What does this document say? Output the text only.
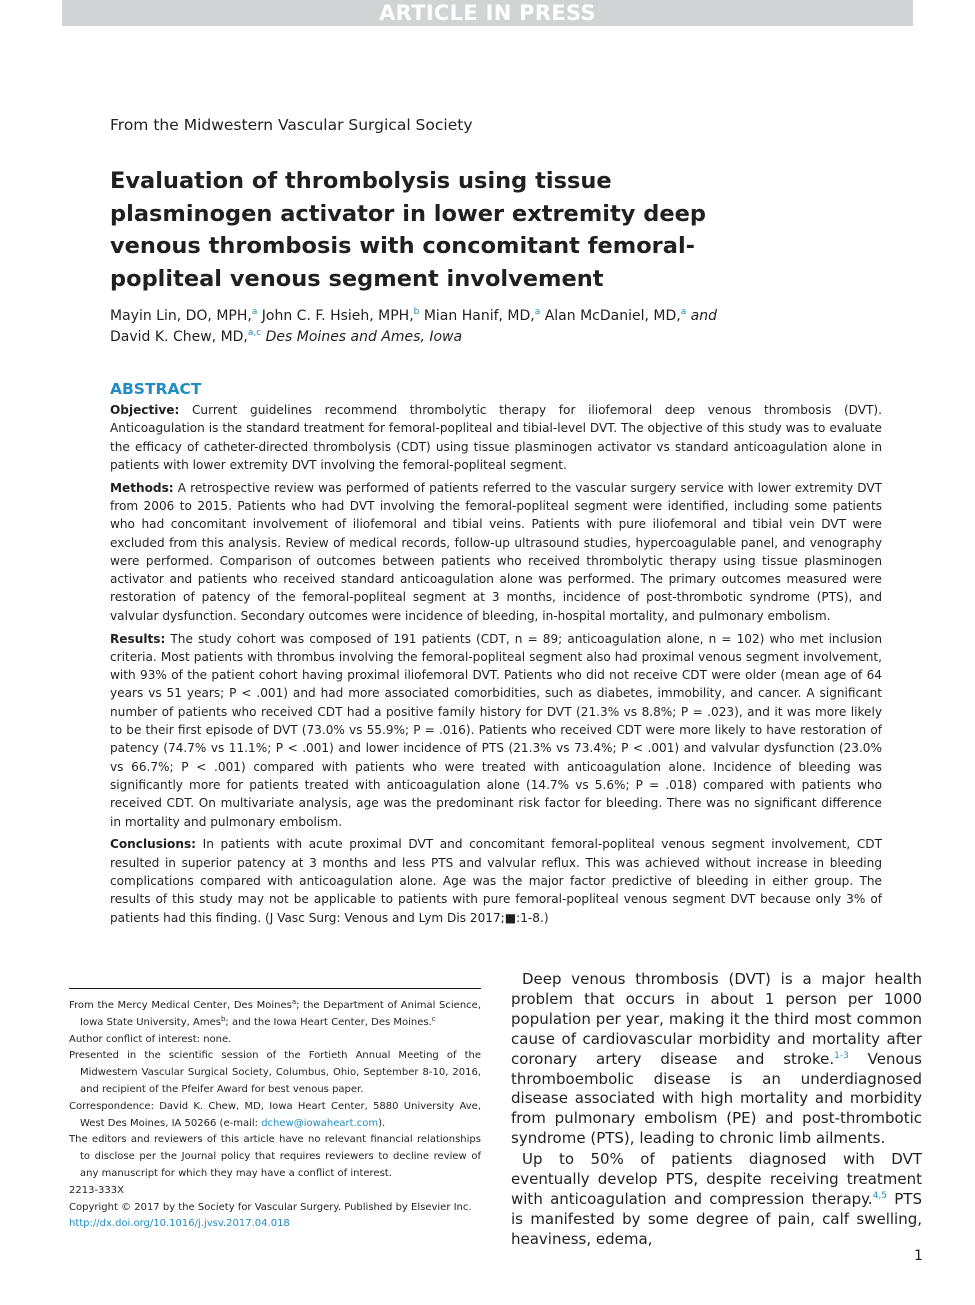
ARTICLE IN PRESS
From the Midwestern Vascular Surgical Society
Evaluation of thrombolysis using tissue plasminogen activator in lower extremity deep venous thrombosis with concomitant femoral-popliteal venous segment involvement
Mayin Lin, DO, MPH,$^a$ John C. F. Hsieh, MPH,$^b$ Mian Hanif, MD,$^a$ Alan McDaniel, MD,$^a$ and
David K. Chew, MD,$^{a,c}$ Des Moines and Ames, Iowa
ABSTRACT

Objective: Current guidelines recommend thrombolytic therapy for iliofemoral deep venous thrombosis (DVT). Anticoagulation is the standard treatment for femoral-popliteal and tibial-level DVT. The objective of this study was to evaluate the efficacy of catheter-directed thrombolysis (CDT) using tissue plasminogen activator vs standard anticoagulation alone in patients with lower extremity DVT involving the femoral-popliteal segment.

Methods: A retrospective review was performed of patients referred to the vascular surgery service with lower extremity DVT from 2006 to 2015. Patients who had DVT involving the femoral-popliteal segment were identified, including some patients who had concomitant involvement of iliofemoral and tibial veins. Patients with pure iliofemoral and tibial vein DVT were excluded from this analysis. Review of medical records, follow-up ultrasound studies, hypercoagulable panel, and venography were performed. Comparison of outcomes between patients who received thrombolytic therapy using tissue plasminogen activator and patients who received standard anticoagulation alone was performed. The primary outcomes measured were restoration of patency of the femoral-popliteal segment at 3 months, incidence of post-thrombotic syndrome (PTS), and valvular dysfunction. Secondary outcomes were incidence of bleeding, in-hospital mortality, and pulmonary embolism.

Results: The study cohort was composed of 191 patients (CDT, n = 89; anticoagulation alone, n = 102) who met inclusion criteria. Most patients with thrombus involving the femoral-popliteal segment also had proximal venous segment involvement, with 93% of the patient cohort having proximal iliofemoral DVT. Patients who did not receive CDT were older (mean age of 64 years vs 51 years; P < .001) and had more associated comorbidities, such as diabetes, immobility, and cancer. A significant number of patients who received CDT had a positive family history for DVT (21.3% vs 8.8%; P = .023), and it was more likely to be their first episode of DVT (73.0% vs 55.9%; P = .016). Patients who received CDT were more likely to have restoration of patency (74.7% vs 11.1%; P < .001) and lower incidence of PTS (21.3% vs 73.4%; P < .001) and valvular dysfunction (23.0% vs 66.7%; P < .001) compared with patients who were treated with anticoagulation alone. Incidence of bleeding was significantly more for patients treated with anticoagulation alone (14.7% vs 5.6%; P = .018) compared with patients who received CDT. On multivariate analysis, age was the predominant risk factor for bleeding. There was no significant difference in mortality and pulmonary embolism.

Conclusions: In patients with acute proximal DVT and concomitant femoral-popliteal venous segment involvement, CDT resulted in superior patency at 3 months and less PTS and valvular reflux. This was achieved without increase in bleeding complications compared with anticoagulation alone. Age was the major factor predictive of bleeding in either group. The results of this study may not be applicable to patients with pure femoral-popliteal venous segment DVT because only 3% of patients had this finding. (J Vasc Surg: Venous and Lym Dis 2017;■:1-8.)

From the Mercy Medical Center, Des Moines$^a$; the Department of Animal Science, Iowa State University, Ames$^b$; and the Iowa Heart Center, Des Moines.$^c$

Author conflict of interest: none.

Presented in the scientific session of the Fortieth Annual Meeting of the Midwestern Vascular Surgical Society, Columbus, Ohio, September 8-10, 2016, and recipient of the Pfeifer Award for best venous paper.

Correspondence: David K. Chew, MD, Iowa Heart Center, 5880 University Ave, West Des Moines, IA 50266 (e-mail: dchew@iowaheart.com).

The editors and reviewers of this article have no relevant financial relationships to disclose per the Journal policy that requires reviewers to decline review of any manuscript for which they may have a conflict of interest.

2213-333X

Copyright © 2017 by the Society for Vascular Surgery. Published by Elsevier Inc.

http://dx.doi.org/10.1016/j.jvsv.2017.04.018

Deep venous thrombosis (DVT) is a major health problem that occurs in about 1 person per 1000 population per year, making it the third most common cause of cardiovascular morbidity and mortality after coronary artery disease and stroke.$^{1-3}$ Venous thromboembolic disease is an underdiagnosed disease associated with high mortality and morbidity from pulmonary embolism (PE) and post-thrombotic syndrome (PTS), leading to chronic limb ailments.

Up to 50% of patients diagnosed with DVT eventually develop PTS, despite receiving treatment with anticoagulation and compression therapy.$^{4,5}$ PTS is manifested by some degree of pain, calf swelling, heaviness, edema,

1
